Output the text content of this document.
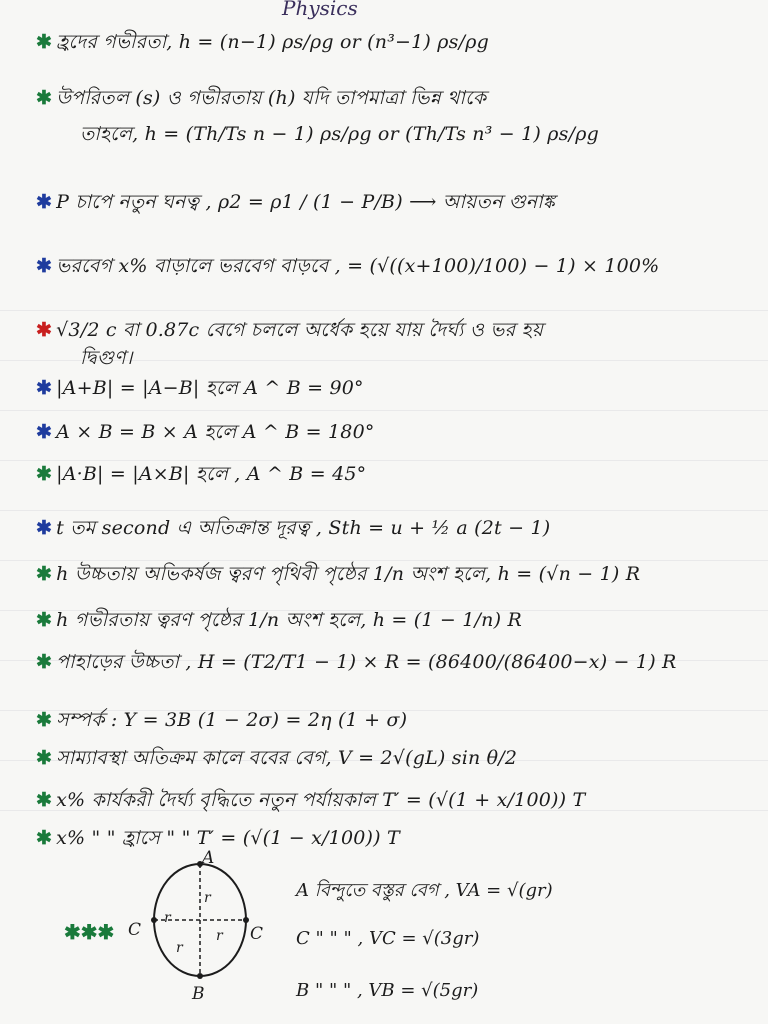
Physics
✱ হ্রদের গভীরতা, h = (n−1) ρs/ρg or (n³−1) ρs/ρg
✱ উপরিতল (s) ও গভীরতায় (h) যদি তাপমাত্রা ভিন্ন থাকে
তাহলে, h = (Th/Ts n − 1) ρs/ρg or (Th/Ts n³ − 1) ρs/ρg
✱ P চাপে নতুন ঘনত্ব , ρ2 = ρ1 / (1 − P/B) ⟶ আয়তন গুনাঙ্ক
✱ ভরবেগ x% বাড়ালে ভরবেগ বাড়বে , = (√((x+100)/100) − 1) × 100%
✱ √3/2 c বা 0.87c বেগে চললে অর্ধেক হয়ে যায় দৈর্ঘ্য ও ভর হয়
দ্বিগুণ।
✱ |A+B| = |A−B| হলে A ^ B = 90°
✱ A × B = B × A হলে A ^ B = 180°
✱ |A·B| = |A×B| হলে , A ^ B = 45°
✱ t তম second এ অতিক্রান্ত দূরত্ব , Sth = u + ½ a (2t − 1)
✱ h উচ্চতায় অভিকর্ষজ ত্বরণ পৃথিবী পৃষ্ঠের 1/n অংশ হলে, h = (√n − 1) R
✱ h গভীরতায় ত্বরণ পৃষ্ঠের 1/n অংশ হলে, h = (1 − 1/n) R
✱ পাহাড়ের উচ্চতা , H = (T2/T1 − 1) × R = (86400/(86400−x) − 1) R
✱ সম্পর্ক : Y = 3B (1 − 2σ) = 2η (1 + σ)
✱ সাম্যাবস্থা অতিক্রম কালে ববের বেগ, V = 2√(gL) sin θ/2
✱ x% কার্যকরী দৈর্ঘ্য বৃদ্ধিতে নতুন পর্যায়কাল T′ = (√(1 + x/100)) T
✱ x% " " হ্রাসে " " T′ = (√(1 − x/100)) T
A
C	C
B
r
r
r
r
✱✱✱
A বিন্দুতে বস্তুর বেগ , VA = √(gr)
C " " " , VC = √(3gr)
B " " " , VB = √(5gr)
